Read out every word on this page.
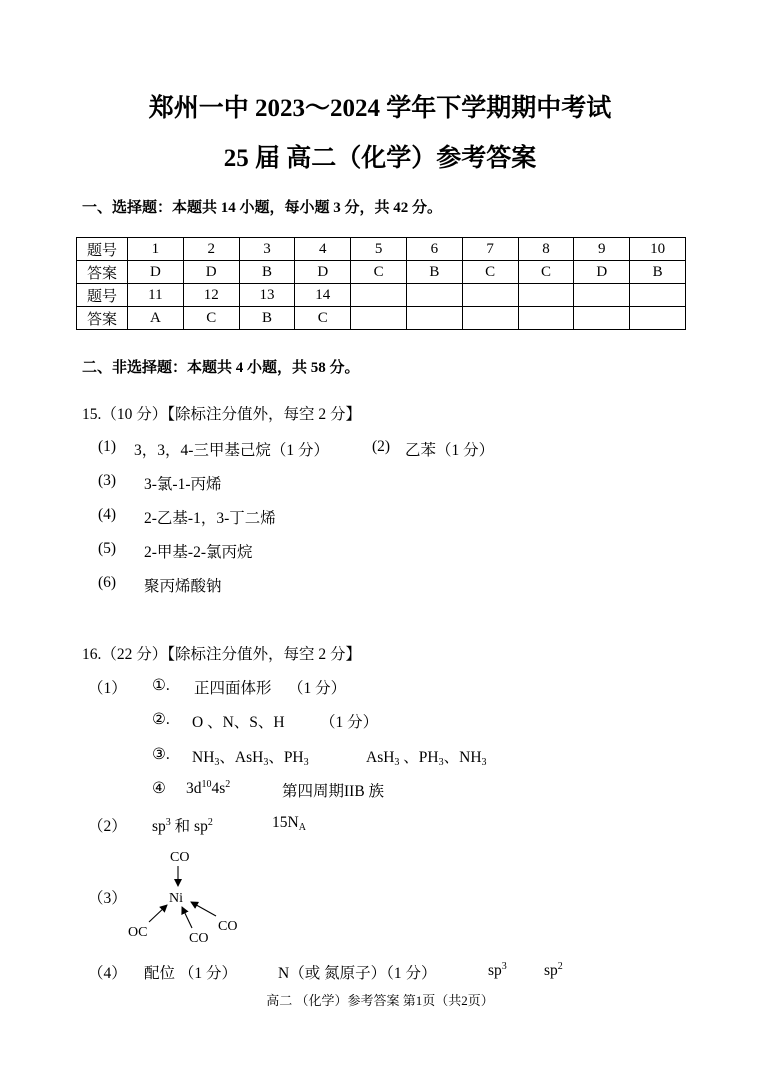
郑州一中 2023～2024 学年下学期期中考试
25 届 高二（化学）参考答案
一、选择题：本题共 14 小题，每小题 3 分，共 42 分。
题号	1	2	3	4	5	6	7	8	9	10
答案	D	D	B	D	C	B	C	C	D	B
题号	11	12	13	14						
答案	A	C	B	C						
二、非选择题：本题共 4 小题，共 58 分。
15.（10 分）【除标注分值外，每空 2 分】
(1) 3，3，4-三甲基己烷（1 分）	(2) 乙苯（1 分）
(3) 3-氯-1-丙烯
(4) 2-乙基-1，3-丁二烯
(5) 2-甲基-2-氯丙烷
(6) 聚丙烯酸钠
16.（22 分）【除标注分值外，每空 2 分】
（1） ①. 正四面体形 （1 分）
②. O 、N、S、H （1 分）
③. $NH_3$、AsH$_3$、$PH_3$	AsH$_3$ 、$PH_3$、$NH_3$
④ $3d^{10}4s^2$	第四周期IIB 族
（2） $sp^3$ 和 $sp^2$	$15N_A$
（3）
CO
Ni
OC	CO
CO
（4） 配位 （1 分）	N（或 氮原子）（1 分）	$sp^3$ $sp^2$
高二 （化学）参考答案 第1页（共2页）
